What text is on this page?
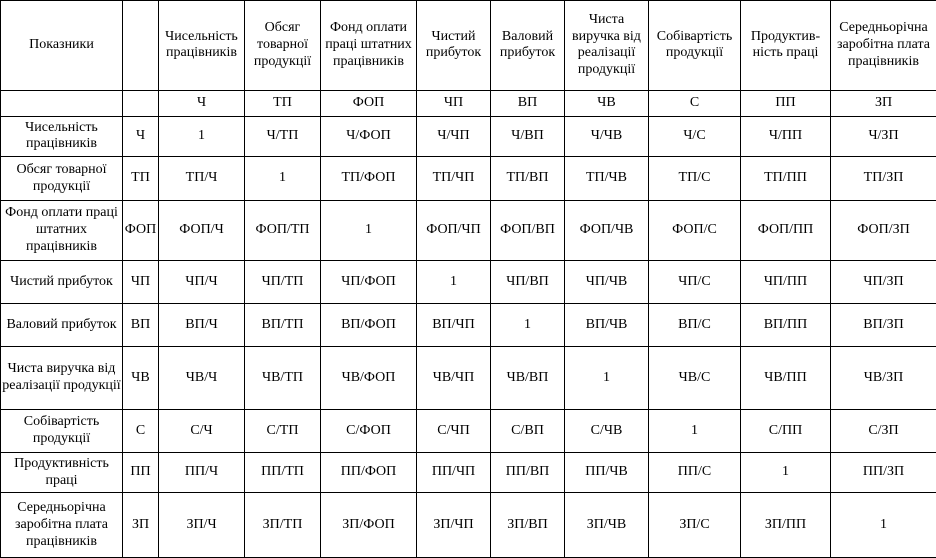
Показники		Чисельність працівників	Обсяг товарної продукції	Фонд оплати праці штатних працівників	Чистий прибуток	Валовий прибуток	Чиста виручка від реалізації продукції	Собівартість продукції	Продуктив-ність праці	Середньорічна заробітна плата працівників
		Ч	ТП	ФОП	ЧП	ВП	ЧВ	С	ПП	ЗП
Чисельність працівників	Ч	1	Ч/ТП	Ч/ФОП	Ч/ЧП	Ч/ВП	Ч/ЧВ	Ч/С	Ч/ПП	Ч/ЗП
Обсяг товарної продукції	ТП	ТП/Ч	1	ТП/ФОП	ТП/ЧП	ТП/ВП	ТП/ЧВ	ТП/С	ТП/ПП	ТП/ЗП
Фонд оплати праці штатних працівників	ФОП	ФОП/Ч	ФОП/ТП	1	ФОП/ЧП	ФОП/ВП	ФОП/ЧВ	ФОП/С	ФОП/ПП	ФОП/ЗП
Чистий прибуток	ЧП	ЧП/Ч	ЧП/ТП	ЧП/ФОП	1	ЧП/ВП	ЧП/ЧВ	ЧП/С	ЧП/ПП	ЧП/ЗП
Валовий прибуток	ВП	ВП/Ч	ВП/ТП	ВП/ФОП	ВП/ЧП	1	ВП/ЧВ	ВП/С	ВП/ПП	ВП/ЗП
Чиста виручка від реалізації продукції	ЧВ	ЧВ/Ч	ЧВ/ТП	ЧВ/ФОП	ЧВ/ЧП	ЧВ/ВП	1	ЧВ/С	ЧВ/ПП	ЧВ/ЗП
Собівартість продукції	С	С/Ч	С/ТП	С/ФОП	С/ЧП	С/ВП	С/ЧВ	1	С/ПП	С/ЗП
Продуктивність праці	ПП	ПП/Ч	ПП/ТП	ПП/ФОП	ПП/ЧП	ПП/ВП	ПП/ЧВ	ПП/С	1	ПП/ЗП
Середньорічна заробітна плата працівників	ЗП	ЗП/Ч	ЗП/ТП	ЗП/ФОП	ЗП/ЧП	ЗП/ВП	ЗП/ЧВ	ЗП/С	ЗП/ПП	1
